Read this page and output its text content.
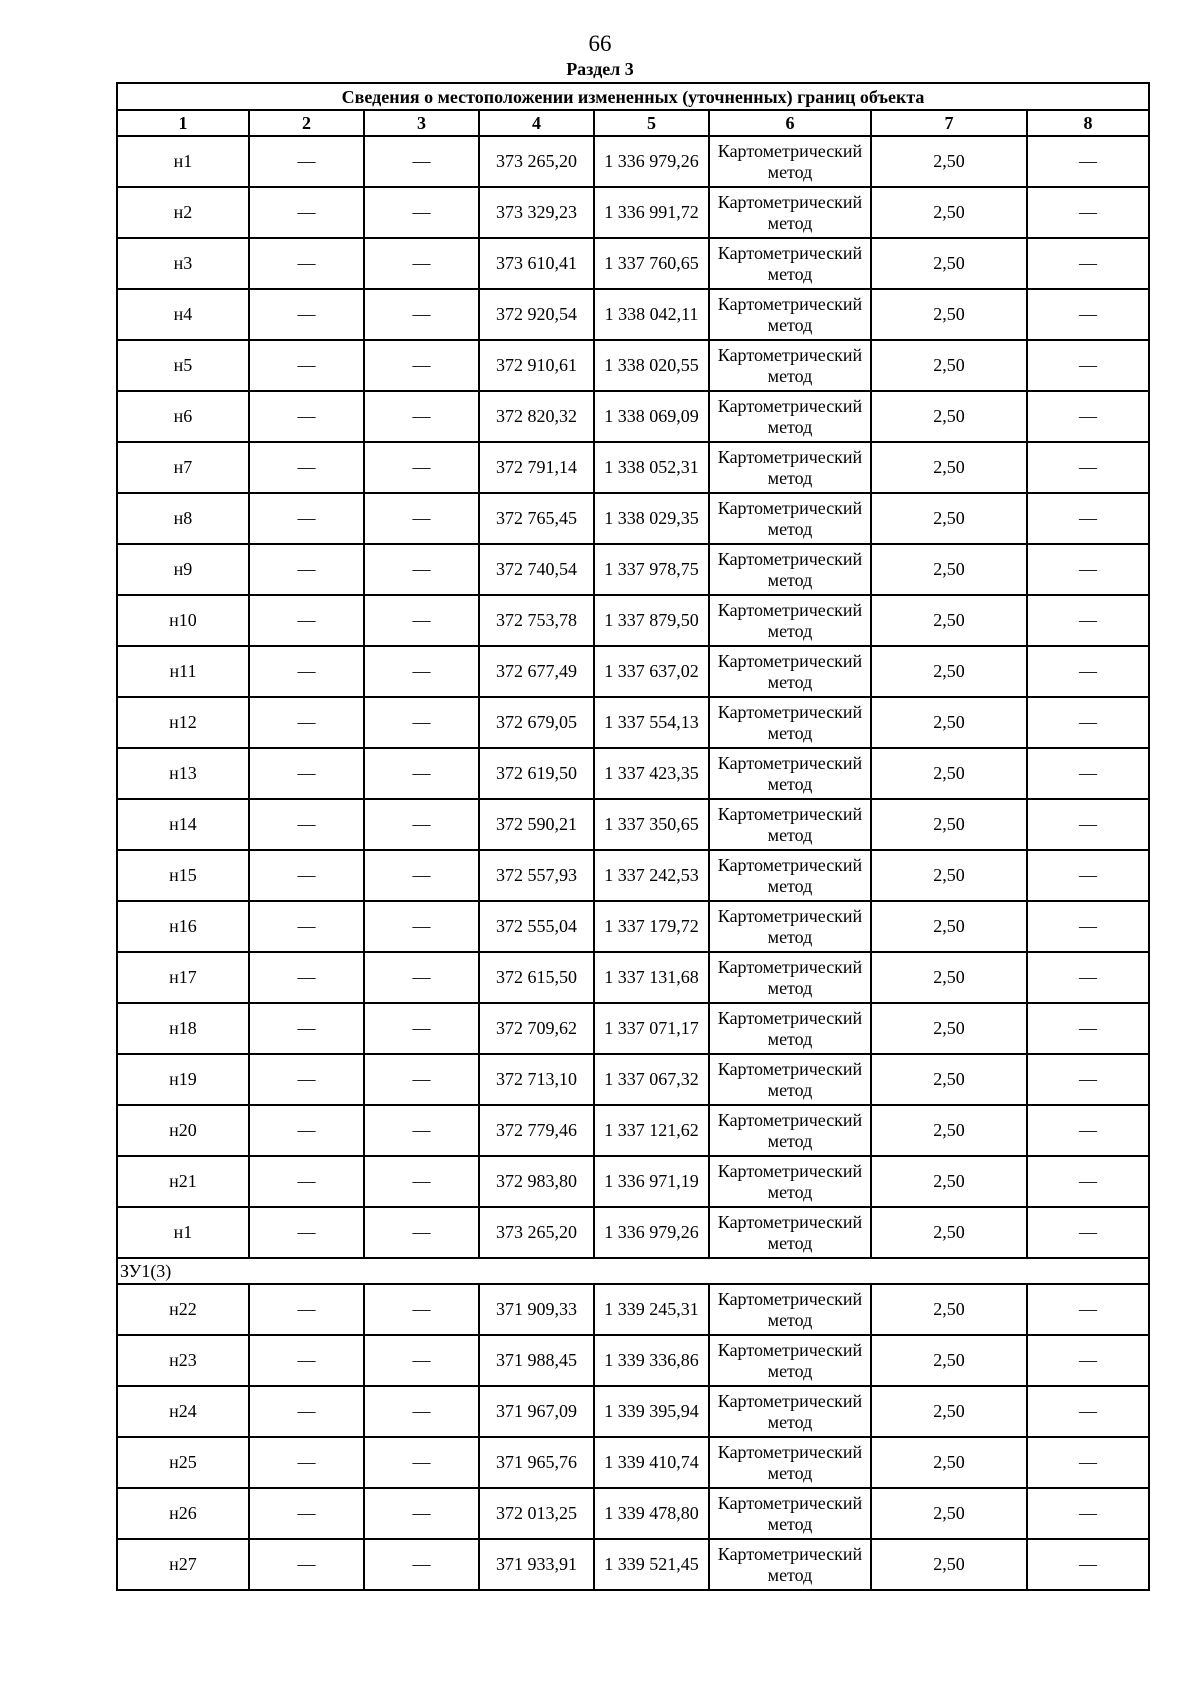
66
Раздел 3
Сведения о местоположении измененных (уточненных) границ объекта							
1	2	3	4	5	6	7	8
н1	—	—	373 265,20	1 336 979,26	Картометрический метод	2,50	—
н2	—	—	373 329,23	1 336 991,72	Картометрический метод	2,50	—
н3	—	—	373 610,41	1 337 760,65	Картометрический метод	2,50	—
н4	—	—	372 920,54	1 338 042,11	Картометрический метод	2,50	—
н5	—	—	372 910,61	1 338 020,55	Картометрический метод	2,50	—
н6	—	—	372 820,32	1 338 069,09	Картометрический метод	2,50	—
н7	—	—	372 791,14	1 338 052,31	Картометрический метод	2,50	—
н8	—	—	372 765,45	1 338 029,35	Картометрический метод	2,50	—
н9	—	—	372 740,54	1 337 978,75	Картометрический метод	2,50	—
н10	—	—	372 753,78	1 337 879,50	Картометрический метод	2,50	—
н11	—	—	372 677,49	1 337 637,02	Картометрический метод	2,50	—
н12	—	—	372 679,05	1 337 554,13	Картометрический метод	2,50	—
н13	—	—	372 619,50	1 337 423,35	Картометрический метод	2,50	—
н14	—	—	372 590,21	1 337 350,65	Картометрический метод	2,50	—
н15	—	—	372 557,93	1 337 242,53	Картометрический метод	2,50	—
н16	—	—	372 555,04	1 337 179,72	Картометрический метод	2,50	—
н17	—	—	372 615,50	1 337 131,68	Картометрический метод	2,50	—
н18	—	—	372 709,62	1 337 071,17	Картометрический метод	2,50	—
н19	—	—	372 713,10	1 337 067,32	Картометрический метод	2,50	—
н20	—	—	372 779,46	1 337 121,62	Картометрический метод	2,50	—
н21	—	—	372 983,80	1 336 971,19	Картометрический метод	2,50	—
н1	—	—	373 265,20	1 336 979,26	Картометрический метод	2,50	—
ЗУ1(3)							
н22	—	—	371 909,33	1 339 245,31	Картометрический метод	2,50	—
н23	—	—	371 988,45	1 339 336,86	Картометрический метод	2,50	—
н24	—	—	371 967,09	1 339 395,94	Картометрический метод	2,50	—
н25	—	—	371 965,76	1 339 410,74	Картометрический метод	2,50	—
н26	—	—	372 013,25	1 339 478,80	Картометрический метод	2,50	—
н27	—	—	371 933,91	1 339 521,45	Картометрический метод	2,50	—
